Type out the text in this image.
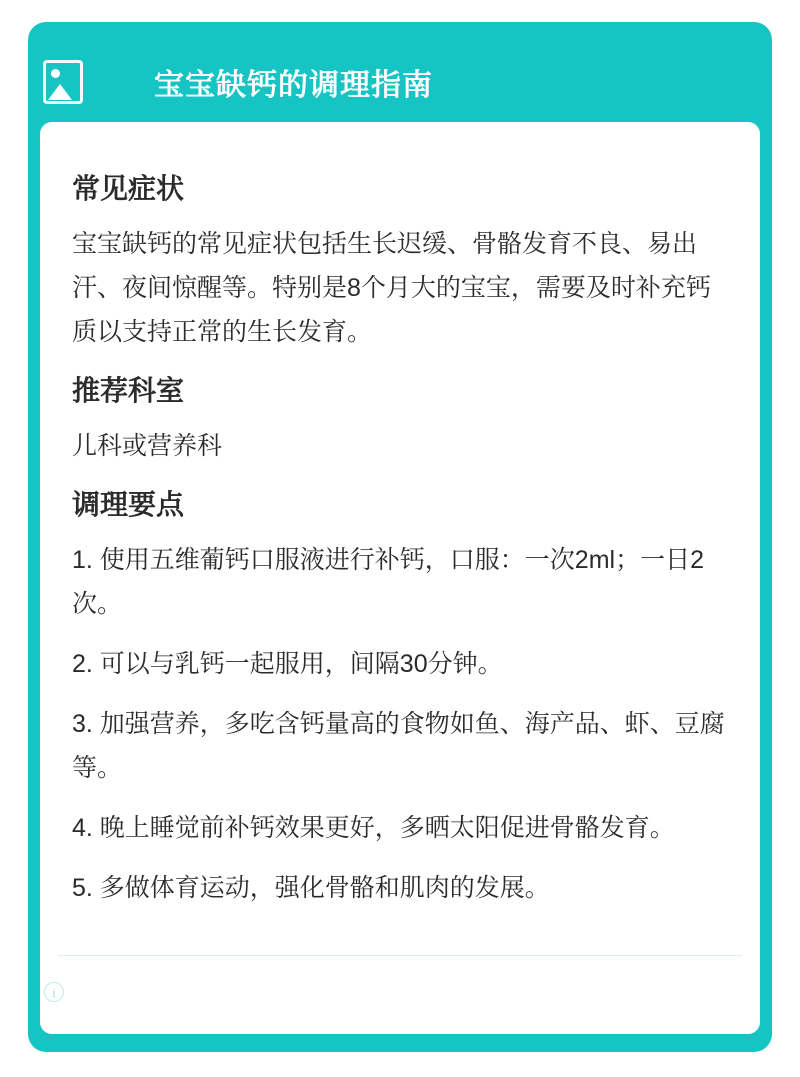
宝宝缺钙的调理指南
常见症状

宝宝缺钙的常见症状包括生长迟缓、骨骼发育不良、易出汗、夜间惊醒等。特别是8个月大的宝宝，需要及时补充钙质以支持正常的生长发育。

推荐科室

儿科或营养科

调理要点

1. 使用五维葡钙口服液进行补钙，口服：一次2ml；一日2次。

2. 可以与乳钙一起服用，间隔30分钟。

3. 加强营养，多吃含钙量高的食物如鱼、海产品、虾、豆腐等。

4. 晚上睡觉前补钙效果更好，多晒太阳促进骨骼发育。

5. 多做体育运动，强化骨骼和肌肉的发展。

i	京东互联网医院提醒您：内容仅供参考，如有相关疾病，请咨询专业医生，获取最适合您的治疗方案
